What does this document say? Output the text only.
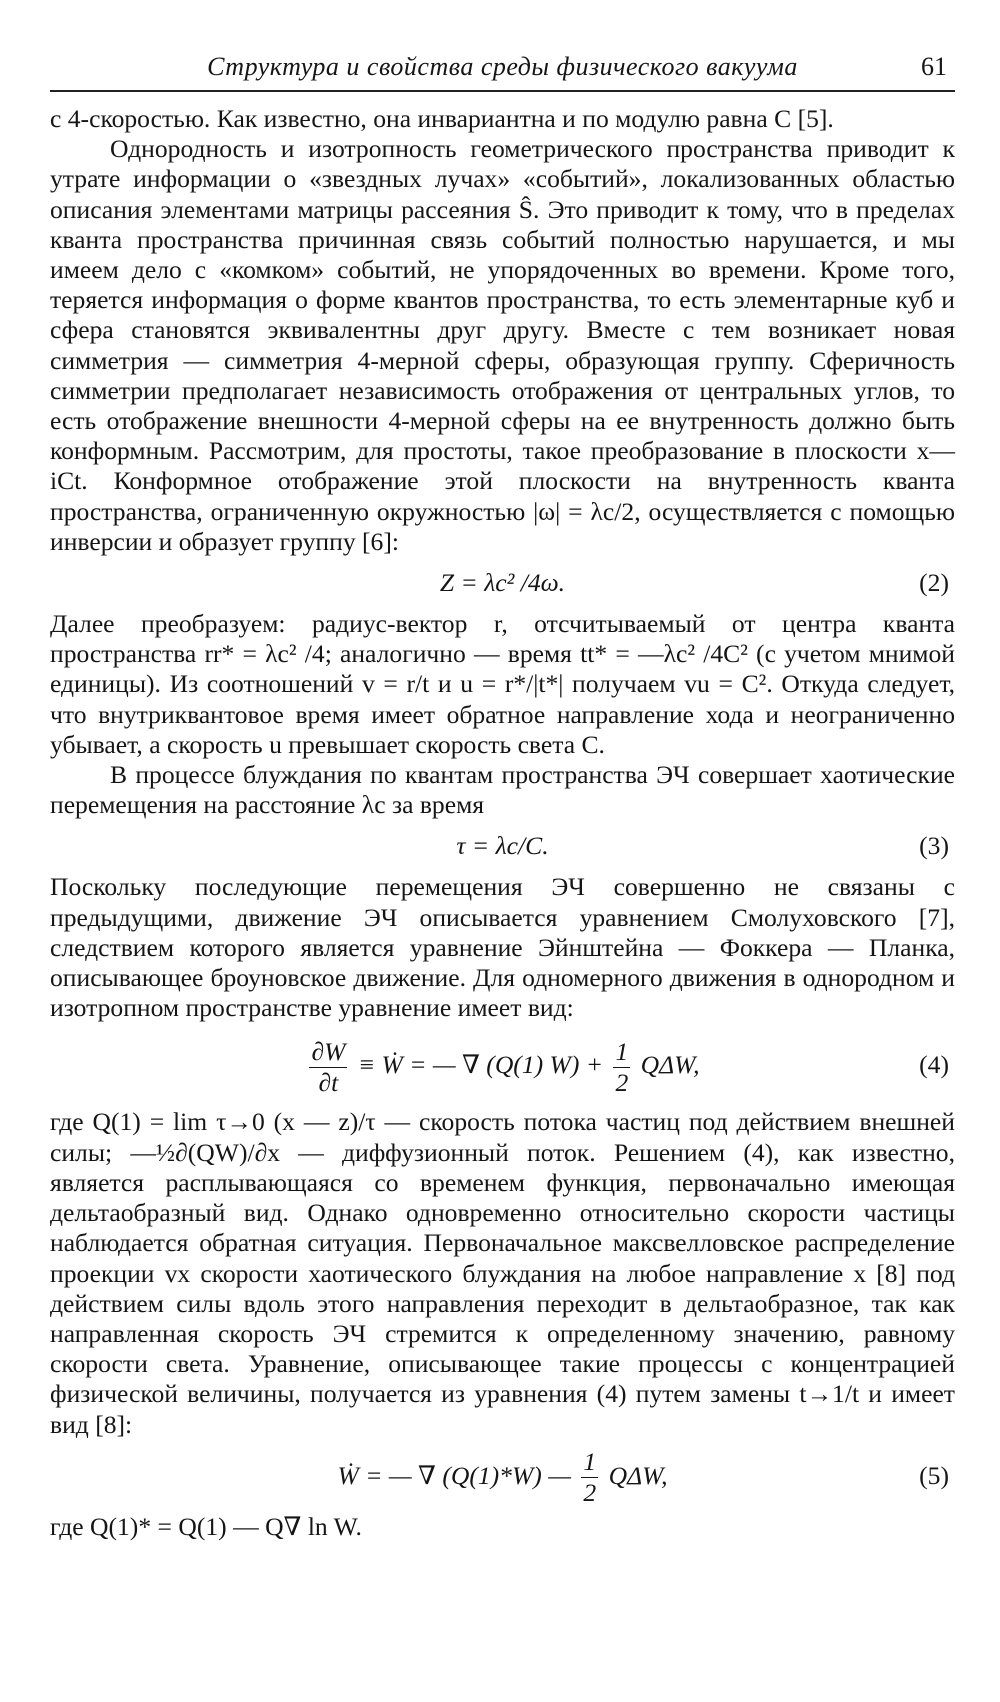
Структура и свойства среды физического вакуума	61

с 4-скоростью. Как известно, она инвариантна и по модулю равна C [5].

Однородность и изотропность геометрического пространства приводит к утрате информации о «звездных лучах» «событий», локализованных областью описания элементами матрицы рассеяния Ŝ. Это приводит к тому, что в пределах кванта пространства причинная связь событий полностью нарушается, и мы имеем дело с «комком» событий, не упорядоченных во времени. Кроме того, теряется информация о форме квантов пространства, то есть элементарные куб и сфера становятся эквивалентны друг другу. Вместе с тем возникает новая симметрия — симметрия 4-мерной сферы, образующая группу. Сферичность симметрии предполагает независимость отображения от центральных углов, то есть отображение внешности 4-мерной сферы на ее внутренность должно быть конформным. Рассмотрим, для простоты, такое преобразование в плоскости x—iCt. Конформное отображение этой плоскости на внутренность кванта пространства, ограниченную окружностью |ω| = λc/2, осуществляется с помощью инверсии и образует группу [6]:

Z = λc² /4ω.	(2)

Далее преобразуем: радиус-вектор r, отсчитываемый от центра кванта пространства rr* = λc² /4; аналогично — время tt* = —λc² /4C² (с учетом мнимой единицы). Из соотношений v = r/t и u = r*/|t*| получаем vu = C². Откуда следует, что внутриквантовое время имеет обратное направление хода и неограниченно убывает, а скорость u превышает скорость света C.

В процессе блуждания по квантам пространства ЭЧ совершает хаотические перемещения на расстояние λc за время

τ = λc/C.	(3)

Поскольку последующие перемещения ЭЧ совершенно не связаны с предыдущими, движение ЭЧ описывается уравнением Смолуховского [7], следствием которого является уравнение Эйнштейна — Фоккера — Планка, описывающее броуновское движение. Для одномерного движения в однородном и изотропном пространстве уравнение имеет вид:

$\frac{\partial W}{\partial t}$ ≡ Ẇ = — ∇ (Q(1) $W) + \frac{1}{2} Q\Delta W$,	(4)

где Q(1) = lim τ→0 (x — z)/τ — скорость потока частиц под действием внешней силы; —½∂(QW)/∂x — диффузионный поток. Решением (4), как известно, является расплывающаяся со временем функция, первоначально имеющая дельтаобразный вид. Однако одновременно относительно скорости частицы наблюдается обратная ситуация. Первоначальное максвелловское распределение проекции vx скорости хаотического блуждания на любое направление x [8] под действием силы вдоль этого направления переходит в дельтаобразное, так как направленная скорость ЭЧ стремится к определенному значению, равному скорости света. Уравнение, описывающее такие процессы с концентрацией физической величины, получается из уравнения (4) путем замены t→1/t и имеет вид [8]:

Ẇ = — ∇ (Q(1)*W) — $\frac{1}{2} Q\Delta W$,	(5)

где Q(1)* = Q(1) — Q∇ ln W.
